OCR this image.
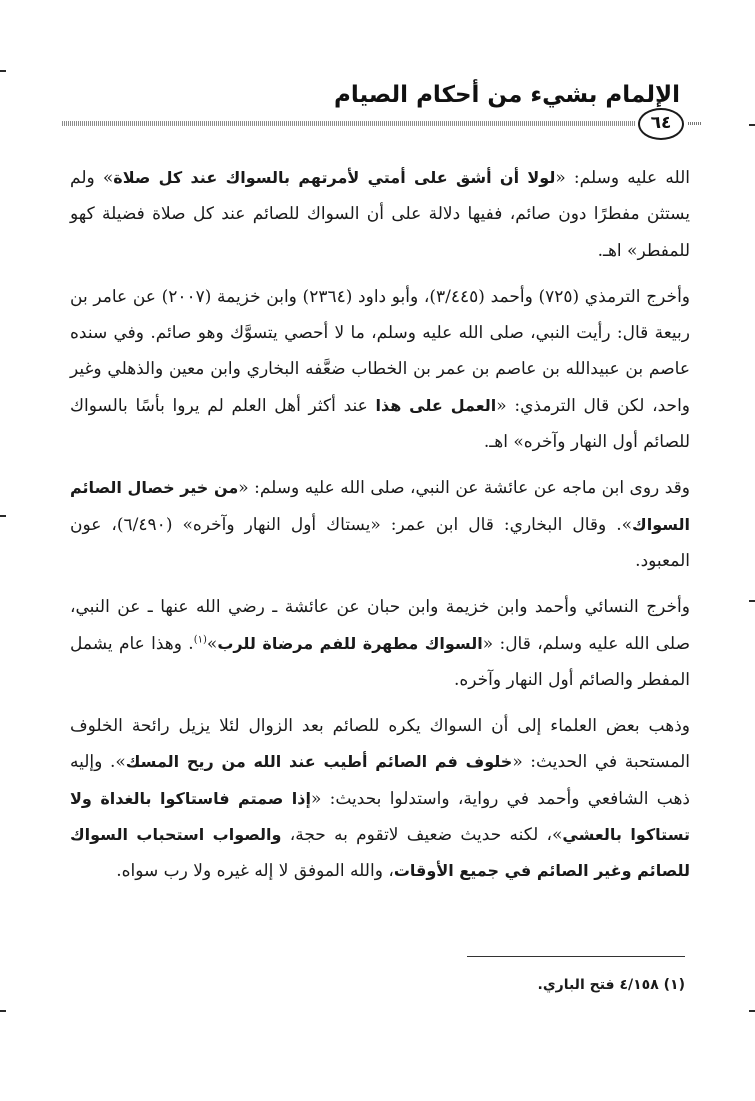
الإلمام بشيء من أحكام الصيام
٦٤

الله عليه وسلم: «لولا أن أشق على أمتي لأمرتهم بالسواك عند كل صلاة» ولم يستثن مفطرًا دون صائم، ففيها دلالة على أن السواك للصائم عند كل صلاة فضيلة كهو للمفطر» اهـ.

وأخرج الترمذي (٧٢٥) وأحمد (٣/٤٤٥)، وأبو داود (٢٣٦٤) وابن خزيمة (٢٠٠٧) عن عامر بن ربيعة قال: رأيت النبي، صلى الله عليه وسلم، ما لا أحصي يتسوَّك وهو صائم. وفي سنده عاصم بن عبيدالله بن عاصم بن عمر بن الخطاب ضعَّفه البخاري وابن معين والذهلي وغير واحد، لكن قال الترمذي: «العمل على هذا عند أكثر أهل العلم لم يروا بأسًا بالسواك للصائم أول النهار وآخره» اهـ.

وقد روى ابن ماجه عن عائشة عن النبي، صلى الله عليه وسلم: «من خير خصال الصائم السواك». وقال البخاري: قال ابن عمر: «يستاك أول النهار وآخره» (٦/٤٩٠)، عون المعبود.

وأخرج النسائي وأحمد وابن خزيمة وابن حبان عن عائشة ـ رضي الله عنها ـ عن النبي، صلى الله عليه وسلم، قال: «السواك مطهرة للفم مرضاة للرب»$^{(١)}$. وهذا عام يشمل المفطر والصائم أول النهار وآخره.

وذهب بعض العلماء إلى أن السواك يكره للصائم بعد الزوال لئلا يزيل رائحة الخلوف المستحبة في الحديث: «خلوف فم الصائم أطيب عند الله من ريح المسك». وإليه ذهب الشافعي وأحمد في رواية، واستدلوا بحديث: «إذا صمتم فاستاكوا بالغداة ولا تستاكوا بالعشي»، لكنه حديث ضعيف لاتقوم به حجة، والصواب استحباب السواك للصائم وغير الصائم في جميع الأوقات، والله الموفق لا إله غيره ولا رب سواه.

(١) ٤/١٥٨ فتح الباري.
